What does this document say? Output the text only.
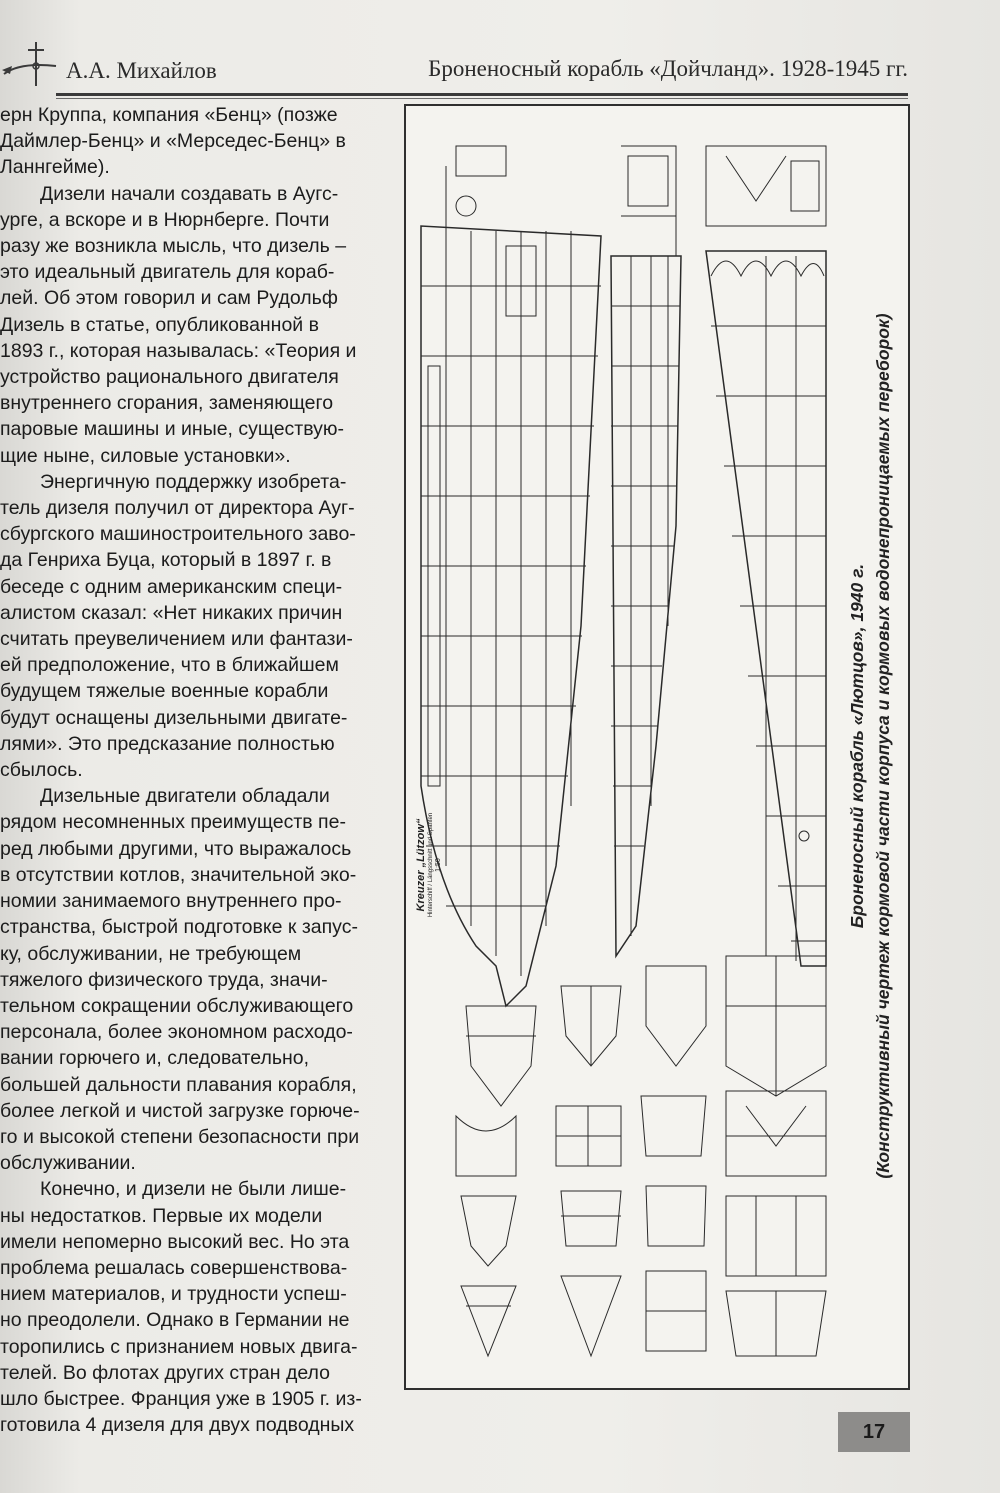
А.А. Михайлов	Броненосный корабль «Дойчланд». 1928-1945 гг.

ерн Круппа, компания «Бенц» (позже
Даймлер-Бенц» и «Мерседес-Бенц» в
Ланнгейме).

Дизели начали создавать в Аугс-
урге, а вскоре и в Нюрнберге. Почти
разу же возникла мысль, что дизель –
это идеальный двигатель для кораб-
лей. Об этом говорил и сам Рудольф
Дизель в статье, опубликованной в
1893 г., которая называлась: «Теория и
устройство рационального двигателя
внутреннего сгорания, заменяющего
паровые машины и иные, существую-
щие ныне, силовые установки».

Энергичную поддержку изобрета-
тель дизеля получил от директора Ауг-
сбургского машиностроительного заво-
да Генриха Буца, который в 1897 г. в
беседе с одним американским специ-
алистом сказал: «Нет никаких причин
считать преувеличением или фантази-
ей предположение, что в ближайшем
будущем тяжелые военные корабли
будут оснащены дизельными двигате-
лями». Это предсказание полностью
сбылось.

Дизельные двигатели обладали
рядом несомненных преимуществ пе-
ред любыми другими, что выражалось
в отсутствии котлов, значительной эко-
номии занимаемого внутреннего про-
странства, быстрой подготовке к запус-
ку, обслуживании, не требующем
тяжелого физического труда, значи-
тельном сокращении обслуживающего
персонала, более экономном расходо-
вании горючего и, следовательно,
большей дальности плавания корабля,
более легкой и чистой загрузке горюче-
го и высокой степени безопасности при
обслуживании.

Конечно, и дизели не были лише-
ны недостатков. Первые их модели
имели непомерно высокий вес. Но эта
проблема решалась совершенствова-
нием материалов, и трудности успеш-
но преодолели. Однако в Германии не
торопились с признанием новых двига-
телей. Во флотах других стран дело
шло быстрее. Франция уже в 1905 г. из-
готовила 4 дизеля для двух подводных

Kreuzer „Lützow“ Hinterschiff / Längsschnitt und Spanten 1:50	Броненосный корабль «Лютцов», 1940 г. (Конструктивный чертеж кормовой части корпуса и кормовых водонепроницаемых переборок)
17
